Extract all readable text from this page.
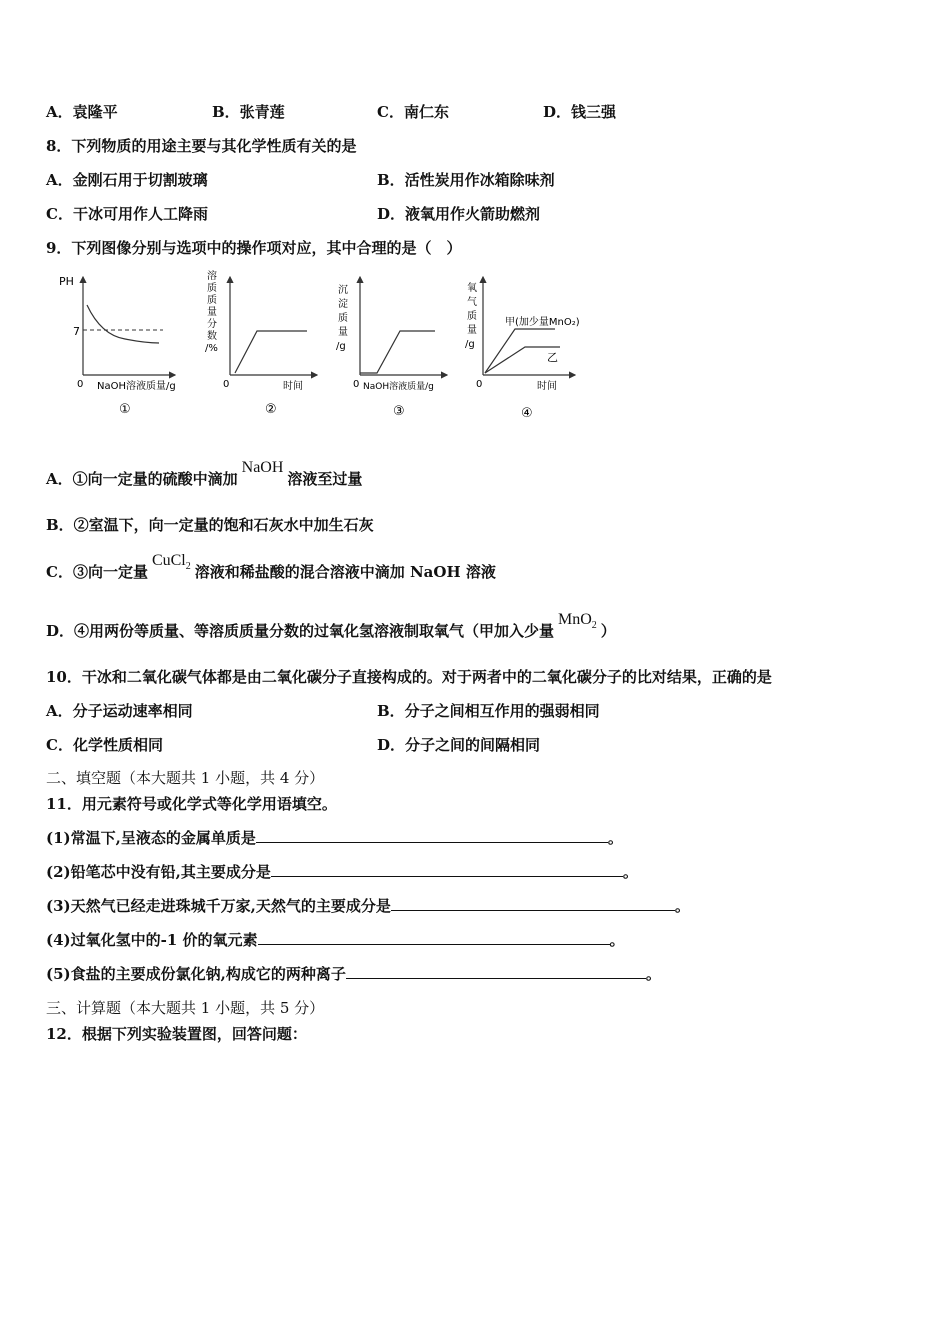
A．袁隆平	B．张青莲	C．南仁东	D．钱三强
8．下列物质的用途主要与其化学性质有关的是
A．金刚石用于切割玻璃	B．活性炭用作冰箱除味剂
C．干冰可用作人工降雨	D．液氧用作火箭助燃剂
9．下列图像分别与选项中的操作项对应，其中合理的是（　）
PH
7
0 NaOH溶液质量/g
①
溶 质 质 量 分 数 /%
0	时间
②
沉 淀 质 量 /g
0 NaOH溶液质量/g
③
氧 气 质 量 /g
0
甲(加少量MnO₂)
乙
时间
④
A．①向一定量的硫酸中滴加NaOH溶液至过量
B．②室温下，向一定量的饱和石灰水中加生石灰
C．③向一定量CuCl$_2$ 溶液和稀盐酸的混合溶液中滴加 NaOH 溶液
D．④用两份等质量、等溶质质量分数的过氧化氢溶液制取氧气（甲加入少量MnO$_2$ ）
10．干冰和二氧化碳气体都是由二氧化碳分子直接构成的。对于两者中的二氧化碳分子的比对结果，正确的是
A．分子运动速率相同	B．分子之间相互作用的强弱相同
C．化学性质相同	D．分子之间的间隔相同
二、填空题（本大题共 1 小题，共 4 分）
11．用元素符号或化学式等化学用语填空。
(1)常温下,呈液态的金属单质是	。
(2)铅笔芯中没有铅,其主要成分是	。
(3)天然气已经走进珠城千万家,天然气的主要成分是	。
(4)过氧化氢中的-1 价的氧元素	。
(5)食盐的主要成份氯化钠,构成它的两种离子	。
三、计算题（本大题共 1 小题，共 5 分）
12．根据下列实验装置图，回答问题：
